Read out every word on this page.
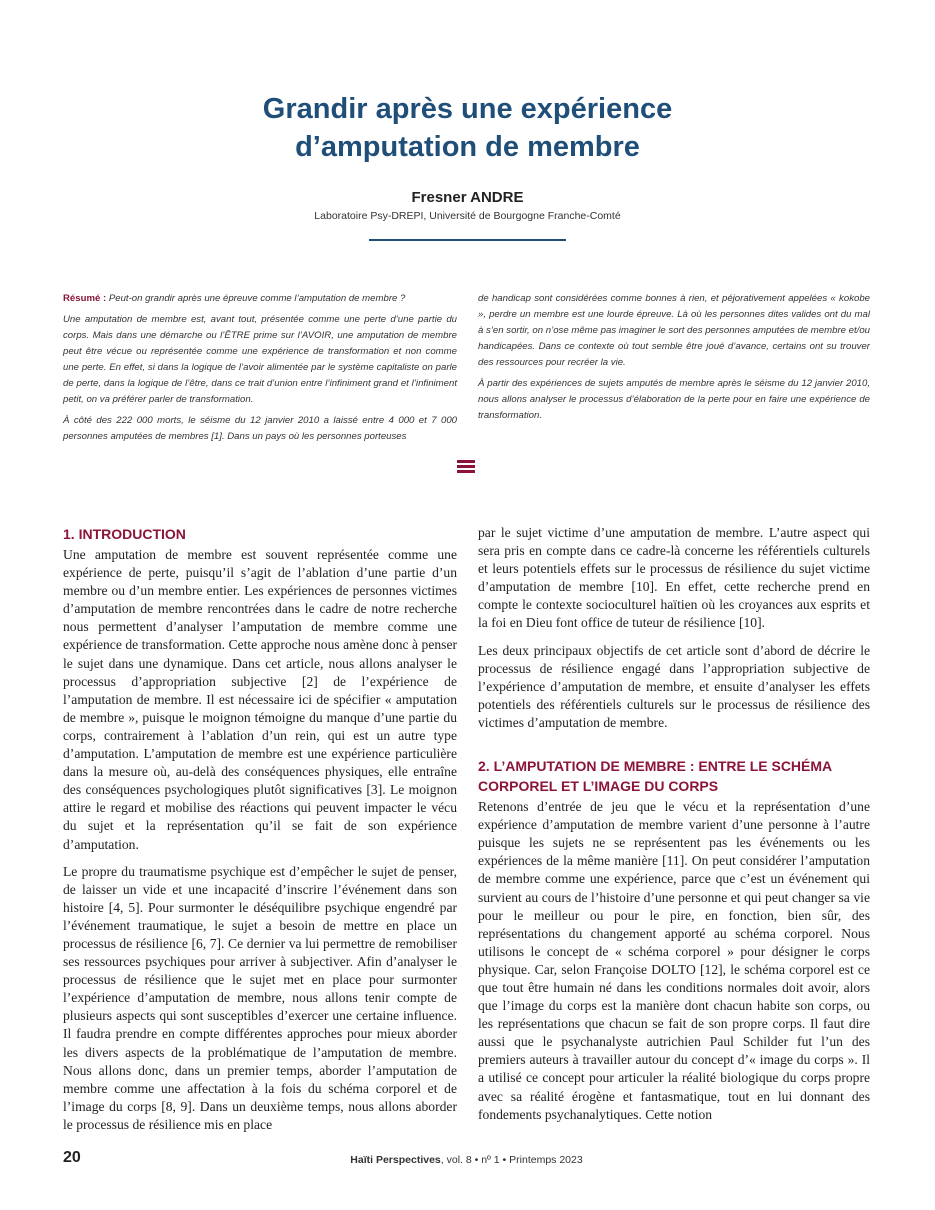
Grandir après une expérience
d’amputation de membre
Fresner ANDRE
Laboratoire Psy-DREPI, Université de Bourgogne Franche-Comté

Résumé : Peut-on grandir après une épreuve comme l’amputation de membre ?

Une amputation de membre est, avant tout, présentée comme une perte d’une partie du corps. Mais dans une démarche ou l’ÊTRE prime sur l’AVOIR, une amputation de membre peut être vécue ou représentée comme une expérience de transformation et non comme une perte. En effet, si dans la logique de l’avoir alimentée par le système capitaliste on parle de perte, dans la logique de l’être, dans ce trait d’union entre l’infiniment grand et l’infiniment petit, on va préférer parler de transformation.

À côté des 222 000 morts, le séisme du 12 janvier 2010 a laissé entre 4 000 et 7 000 personnes amputées de membres [1]. Dans un pays où les personnes porteuses

de handicap sont considérées comme bonnes à rien, et péjorativement appelées « kokobe », perdre un membre est une lourde épreuve. Là où les personnes dites valides ont du mal à s’en sortir, on n’ose même pas imaginer le sort des personnes amputées de membre et/ou handicapées. Dans ce contexte où tout semble être joué d’avance, certains ont su trouver des ressources pour recréer la vie.

À partir des expériences de sujets amputés de membre après le séisme du 12 janvier 2010, nous allons analyser le processus d’élaboration de la perte pour en faire une expérience de transformation.

1. INTRODUCTION

Une amputation de membre est souvent représentée comme une expérience de perte, puisqu’il s’agit de l’ablation d’une partie d’un membre ou d’un membre entier. Les expériences de personnes victimes d’amputation de membre rencontrées dans le cadre de notre recherche nous permettent d’analyser l’amputation de membre comme une expérience de transformation. Cette approche nous amène donc à penser le sujet dans une dynamique. Dans cet article, nous allons analyser le processus d’appropriation subjective [2] de l’expérience de l’amputation de membre. Il est nécessaire ici de spécifier « amputation de membre », puisque le moignon témoigne du manque d’une partie du corps, contrairement à l’ablation d’un rein, qui est un autre type d’amputation. L’amputation de membre est une expérience particulière dans la mesure où, au-delà des conséquences physiques, elle entraîne des conséquences psychologiques plutôt significatives [3]. Le moignon attire le regard et mobilise des réactions qui peuvent impacter le vécu du sujet et la représentation qu’il se fait de son expérience d’amputation.

Le propre du traumatisme psychique est d’empêcher le sujet de penser, de laisser un vide et une incapacité d’inscrire l’événement dans son histoire [4, 5]. Pour surmonter le déséquilibre psychique engendré par l’événement traumatique, le sujet a besoin de mettre en place un processus de résilience [6, 7]. Ce dernier va lui permettre de remobiliser ses ressources psychiques pour arriver à subjectiver. Afin d’analyser le processus de résilience que le sujet met en place pour surmonter l’expérience d’amputation de membre, nous allons tenir compte de plusieurs aspects qui sont susceptibles d’exercer une certaine influence. Il faudra prendre en compte différentes approches pour mieux aborder les divers aspects de la problématique de l’amputation de membre. Nous allons donc, dans un premier temps, aborder l’amputation de membre comme une affectation à la fois du schéma corporel et de l’image du corps [8, 9]. Dans un deuxième temps, nous allons aborder le processus de résilience mis en place

par le sujet victime d’une amputation de membre. L’autre aspect qui sera pris en compte dans ce cadre-là concerne les référentiels culturels et leurs potentiels effets sur le processus de résilience du sujet victime d’amputation de membre [10]. En effet, cette recherche prend en compte le contexte socioculturel haïtien où les croyances aux esprits et la foi en Dieu font office de tuteur de résilience [10].

Les deux principaux objectifs de cet article sont d’abord de décrire le processus de résilience engagé dans l’appropriation subjective de l’expérience d’amputation de membre, et ensuite d’analyser les effets potentiels des référentiels culturels sur le processus de résilience des victimes d’amputation de membre.

2. L’AMPUTATION DE MEMBRE : ENTRE LE SCHÉMA CORPOREL ET L’IMAGE DU CORPS

Retenons d’entrée de jeu que le vécu et la représentation d’une expérience d’amputation de membre varient d’une personne à l’autre puisque les sujets ne se représentent pas les événements ou les expériences de la même manière [11]. On peut considérer l’amputation de membre comme une expérience, parce que c’est un événement qui survient au cours de l’histoire d’une personne et qui peut changer sa vie pour le meilleur ou pour le pire, en fonction, bien sûr, des représentations du changement apporté au schéma corporel. Nous utilisons le concept de « schéma corporel » pour désigner le corps physique. Car, selon Françoise DOLTO [12], le schéma corporel est ce que tout être humain né dans les conditions normales doit avoir, alors que l’image du corps est la manière dont chacun habite son corps, ou les représentations que chacun se fait de son propre corps. Il faut dire aussi que le psychanalyste autrichien Paul Schilder fut l’un des premiers auteurs à travailler autour du concept d’« image du corps ». Il a utilisé ce concept pour articuler la réalité biologique du corps propre avec sa réalité érogène et fantasmatique, tout en lui donnant des fondements psychanalytiques. Cette notion

20	Haïti Perspectives, vol. 8 • nº 1 • Printemps 2023
